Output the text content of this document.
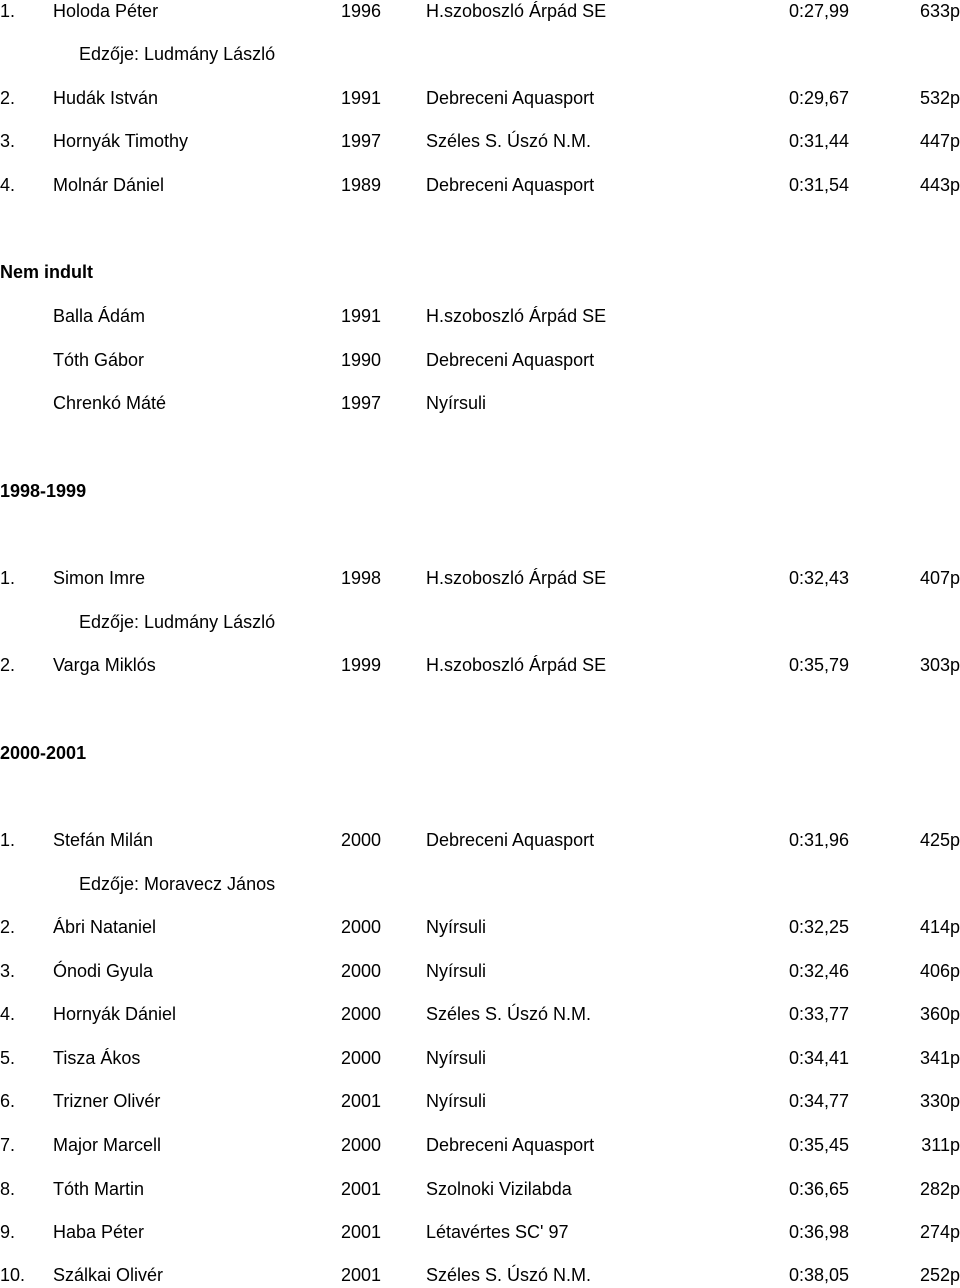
1. Holoda Péter	1996 H.szoboszló Árpád SE	0:27,99	633p
Edzője: Ludmány László
2. Hudák István	1991 Debreceni Aquasport	0:29,67	532p
3. Hornyák Timothy	1997 Széles S. Úszó N.M.	0:31,44	447p
4. Molnár Dániel	1989 Debreceni Aquasport	0:31,54	443p
Nem indult
Balla Ádám	1991 H.szoboszló Árpád SE
Tóth Gábor	1990 Debreceni Aquasport
Chrenkó Máté	1997 Nyírsuli
1998-1999
1. Simon Imre	1998 H.szoboszló Árpád SE	0:32,43	407p
Edzője: Ludmány László
2. Varga Miklós	1999 H.szoboszló Árpád SE	0:35,79	303p
2000-2001
1. Stefán Milán	2000 Debreceni Aquasport	0:31,96	425p
Edzője: Moravecz János
2. Ábri Nataniel	2000 Nyírsuli	0:32,25	414p
3. Ónodi Gyula	2000 Nyírsuli	0:32,46	406p
4. Hornyák Dániel	2000 Széles S. Úszó N.M.	0:33,77	360p
5. Tisza Ákos	2000 Nyírsuli	0:34,41	341p
6. Trizner Olivér	2001 Nyírsuli	0:34,77	330p
7. Major Marcell	2000 Debreceni Aquasport	0:35,45	311p
8. Tóth Martin	2001 Szolnoki Vizilabda	0:36,65	282p
9. Haba Péter	2001 Létavértes SC' 97	0:36,98	274p
10. Szálkai Olivér	2001 Széles S. Úszó N.M.	0:38,05	252p
